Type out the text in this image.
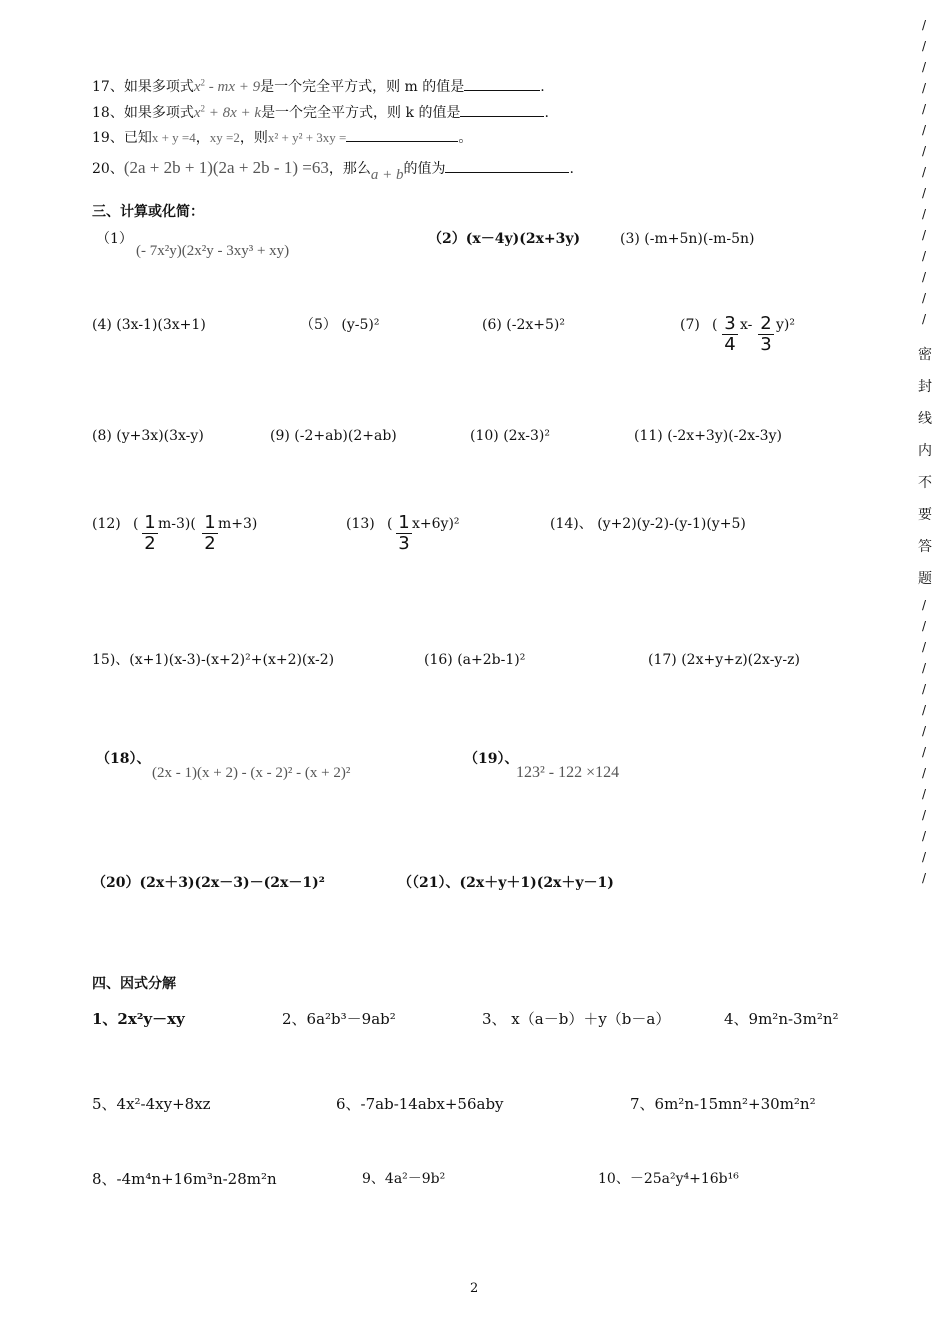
17、如果多项式$x^2$ - mx + 9是一个完全平方式，则 m 的值是	.
18、如果多项式$x^2 + 8x + k$是一个完全平方式，则 k 的值是	.
19、已知x + y =4，xy =2，则x² + y² + 3xy =	。
20、(2a + 2b + 1)(2a + 2b - 1) =63，那么a + b的值为	.
三、计算或化简：
（1）
(- 7x²y)(2x²y - 3xy³ + xy)
（2）(x－4y)(2x+3y)	(3) (-m+5n)(-m-5n)
(4) (3x-1)(3x+1)	（5） (y-5)²	(6) (-2x+5)²	(7) ( $\frac{3}{4} x- \frac{2}{3} y)^2$
(8) (y+3x)(3x-y)	(9) (-2+ab)(2+ab)	(10) (2x-3)²	(11) (-2x+3y)(-2x-3y)
(12) ( $\frac{1}{2} m-3)( \frac{1}{2} m+3)$	(13) ( $\frac{1}{3} x+6y)^2$	(14)、 (y+2)(y-2)-(y-1)(y+5)
15)、(x+1)(x-3)-(x+2)²+(x+2)(x-2)	(16) (a+2b-1)²	(17) (2x+y+z)(2x-y-z)
（18）、
(2x - 1)(x + 2) - (x - 2)² - (x + 2)²
（19）、
123² - 122 ×124
（20）(2x＋3)(2x－3)－(2x－1)²	（（21）、(2x＋y＋1)(2x＋y－1)
四、因式分解
1、2x²y－xy	2、6a²b³－9ab²	3、 x（a－b）＋y（b－a）	4、9m²n-3m²n²
5、4x²-4xy+8xz	6、-7ab-14abx+56aby	7、6m²n-15mn²+30m²n²
8、-4m⁴n+16m³n-28m²n	9、4a²－9b²	10、－25a²y⁴+16b¹⁶
/
/
/
/
/
/
/
/
/
/
/
/
/
/
/
密
封
线
内
不
要
答
题
/
/
/
/
/
/
/
/
/
/
/
/
/
/
2
